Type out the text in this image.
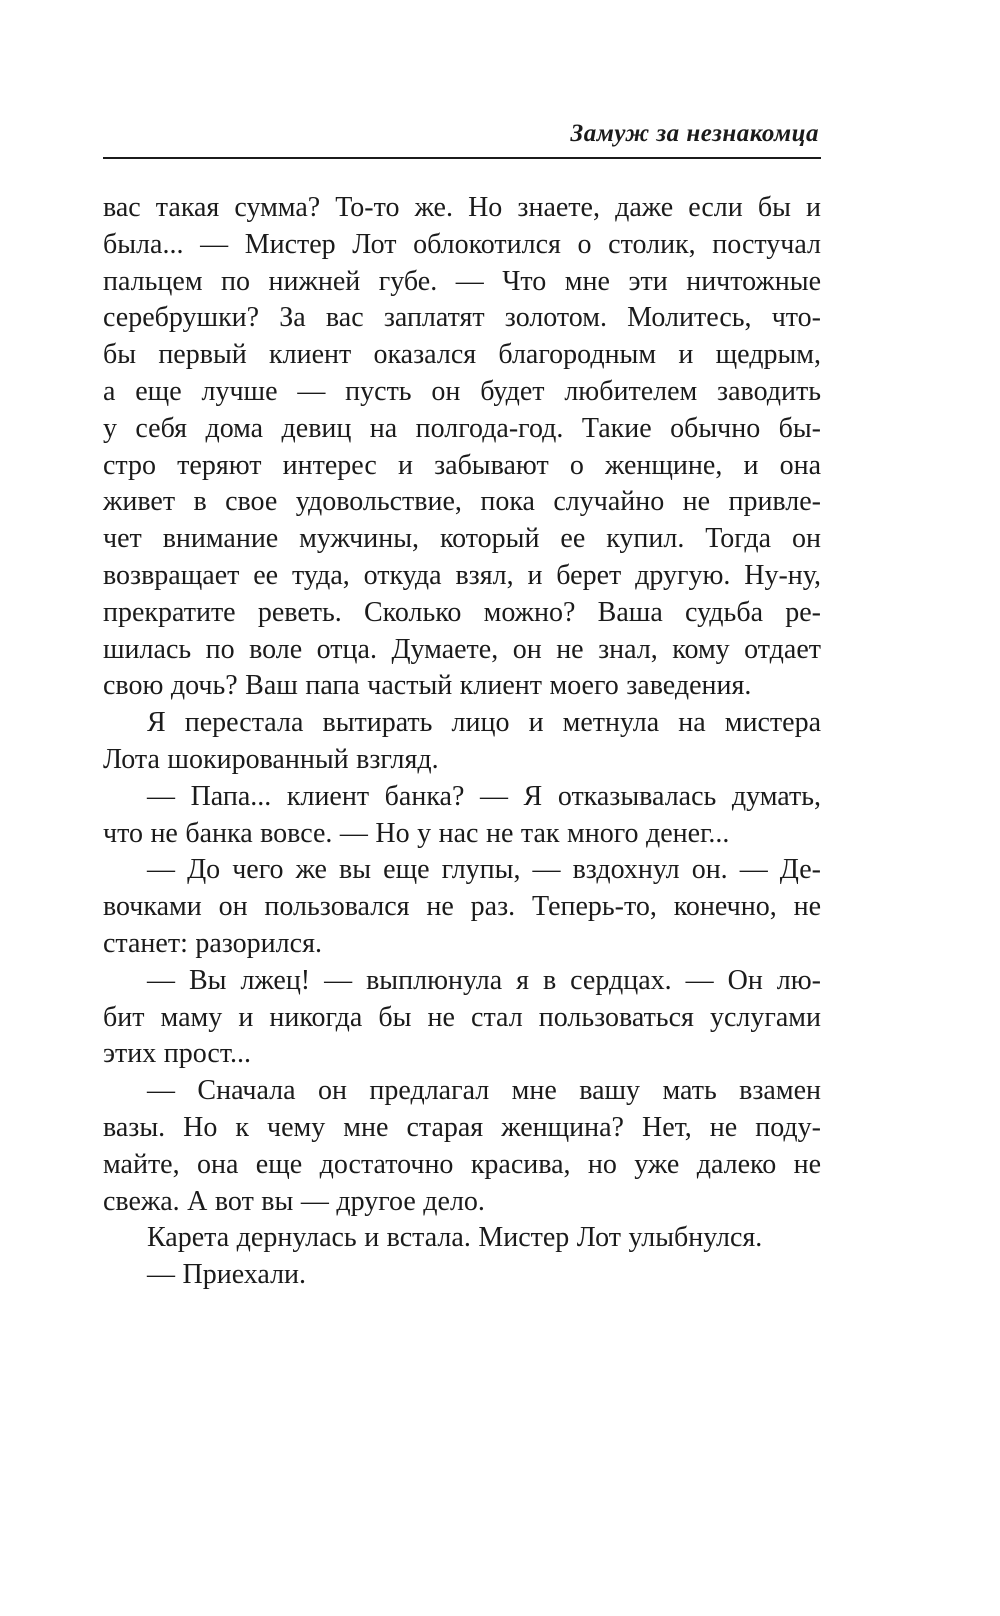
Замуж за незнакомца
вас такая сумма? То-то же. Но знаете, даже если бы и
была... — Мистер Лот облокотился о столик, постучал
пальцем по нижней губе. — Что мне эти ничтожные
серебрушки? За вас заплатят золотом. Молитесь, что-
бы первый клиент оказался благородным и щедрым,
а еще лучше — пусть он будет любителем заводить
у себя дома девиц на полгода-год. Такие обычно бы-
стро теряют интерес и забывают о женщине, и она
живет в свое удовольствие, пока случайно не привле-
чет внимание мужчины, который ее купил. Тогда он
возвращает ее туда, откуда взял, и берет другую. Ну-ну,
прекратите реветь. Сколько можно? Ваша судьба ре-
шилась по воле отца. Думаете, он не знал, кому отдает
свою дочь? Ваш папа частый клиент моего заведения.
Я перестала вытирать лицо и метнула на мистера
Лота шокированный взгляд.
— Папа... клиент банка? — Я отказывалась думать,
что не банка вовсе. — Но у нас не так много денег...
— До чего же вы еще глупы, — вздохнул он. — Де-
вочками он пользовался не раз. Теперь-то, конечно, не
станет: разорился.
— Вы лжец! — выплюнула я в сердцах. — Он лю-
бит маму и никогда бы не стал пользоваться услугами
этих прост...
— Сначала он предлагал мне вашу мать взамен
вазы. Но к чему мне старая женщина? Нет, не поду-
майте, она еще достаточно красива, но уже далеко не
свежа. А вот вы — другое дело.
Карета дернулась и встала. Мистер Лот улыбнулся.
— Приехали.
